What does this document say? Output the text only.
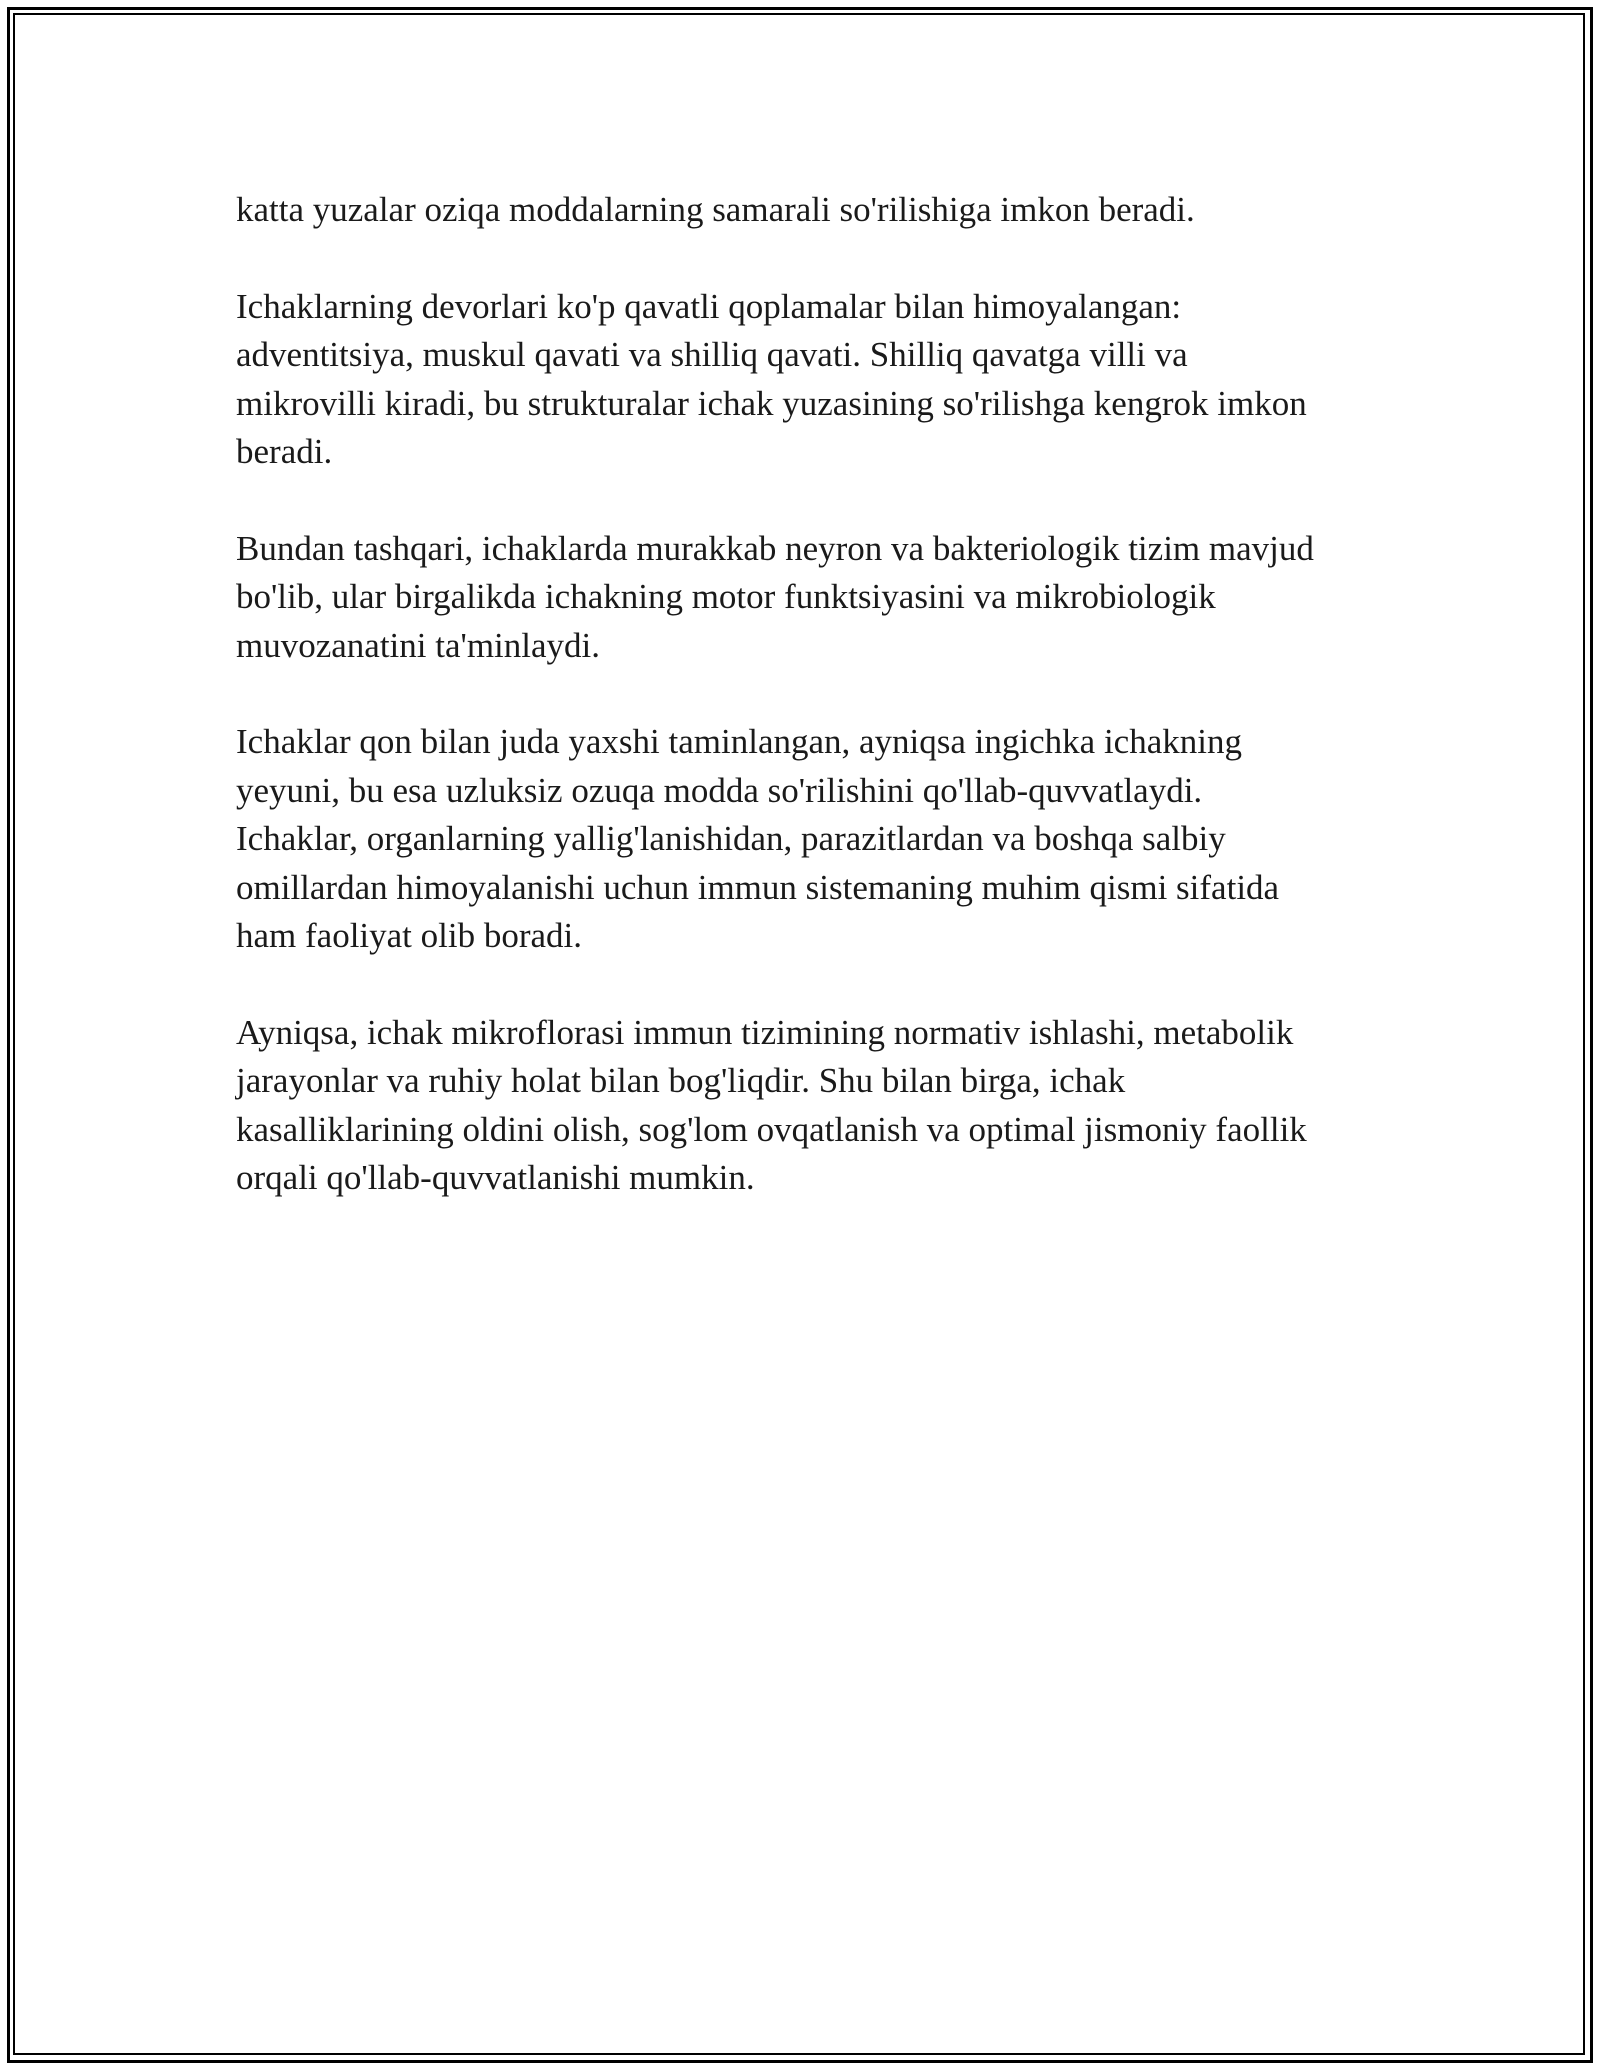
katta yuzalar oziqa moddalarning samarali so'rilishiga imkon beradi.

Ichaklarning devorlari ko'p qavatli qoplamalar bilan himoyalangan:
adventitsiya, muskul qavati va shilliq qavati. Shilliq qavatga villi va
mikrovilli kiradi, bu strukturalar ichak yuzasining so'rilishga kengrok imkon
beradi.

Bundan tashqari, ichaklarda murakkab neyron va bakteriologik tizim mavjud
bo'lib, ular birgalikda ichakning motor funktsiyasini va mikrobiologik
muvozanatini ta'minlaydi.

Ichaklar qon bilan juda yaxshi taminlangan, ayniqsa ingichka ichakning
yeyuni, bu esa uzluksiz ozuqa modda so'rilishini qo'llab-quvvatlaydi.
Ichaklar, organlarning yallig'lanishidan, parazitlardan va boshqa salbiy
omillardan himoyalanishi uchun immun sistemaning muhim qismi sifatida
ham faoliyat olib boradi.

Ayniqsa, ichak mikroflorasi immun tizimining normativ ishlashi, metabolik
jarayonlar va ruhiy holat bilan bog'liqdir. Shu bilan birga, ichak
kasalliklarining oldini olish, sog'lom ovqatlanish va optimal jismoniy faollik
orqali qo'llab-quvvatlanishi mumkin.
